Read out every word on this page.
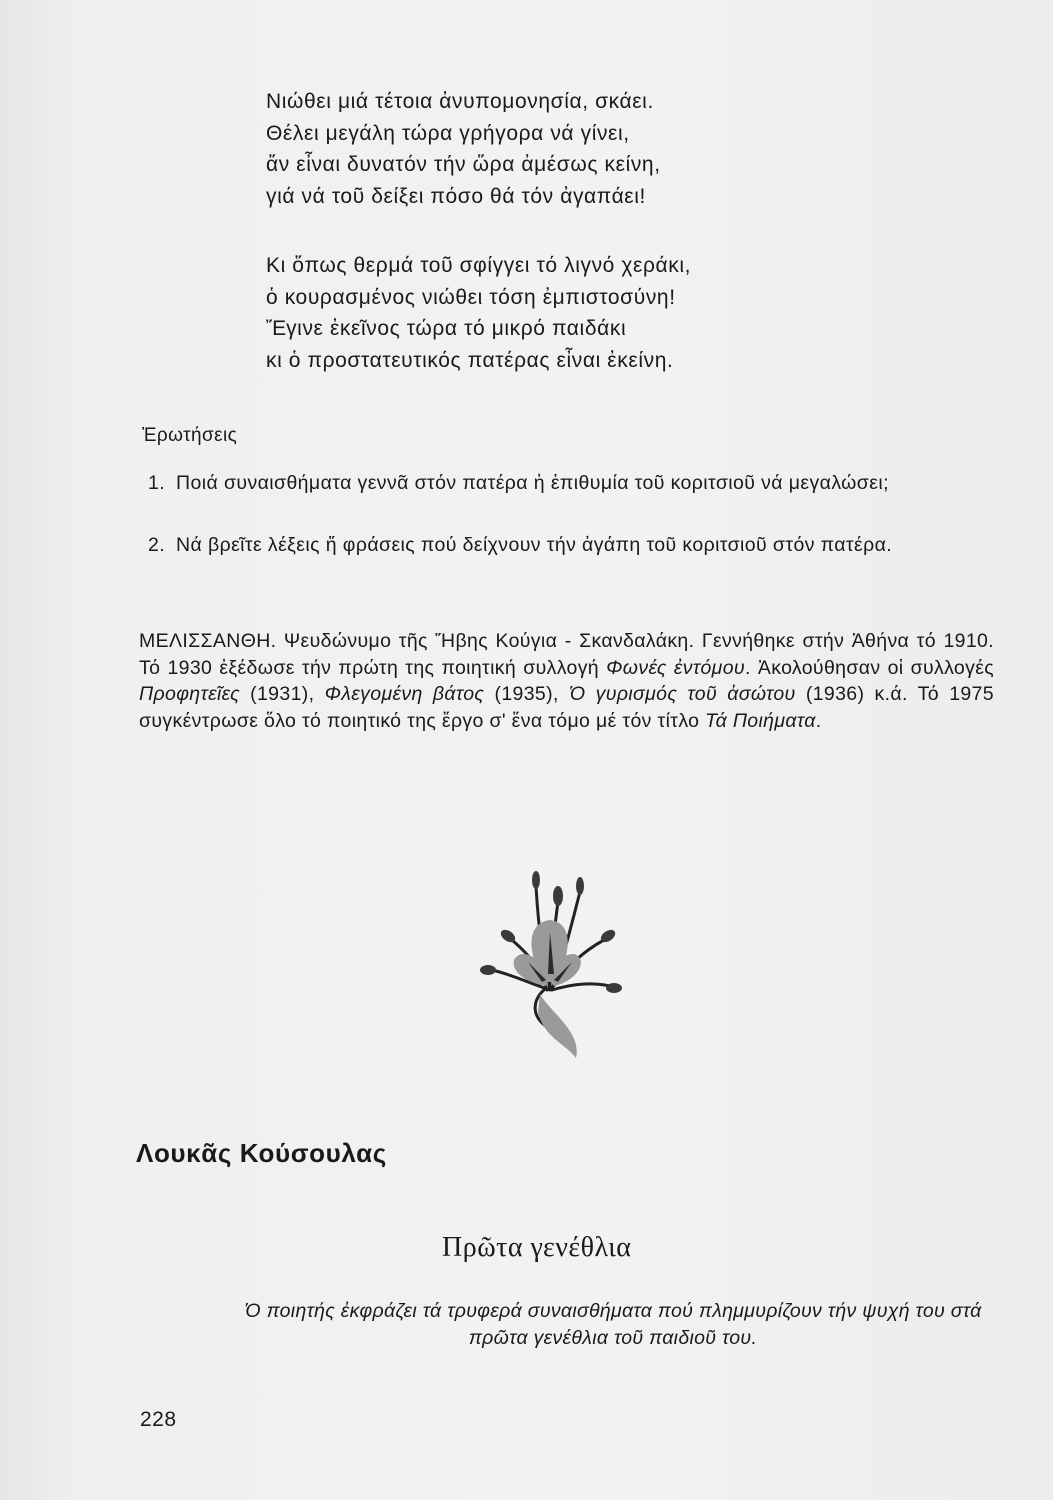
Νιώθει μιά τέτοια ἀνυπομονησία, σκάει.
Θέλει μεγάλη τώρα γρήγορα νά γίνει,
ἄν εἶναι δυνατόν τήν ὥρα ἀμέσως κείνη,
γιά νά τοῦ δείξει πόσο θά τόν ἀγαπάει!
Κι ὅπως θερμά τοῦ σφίγγει τό λιγνό χεράκι,
ὁ κουρασμένος νιώθει τόση ἐμπιστοσύνη!
Ἔγινε ἐκεῖνος τώρα τό μικρό παιδάκι
κι ὁ προστατευτικός πατέρας εἶναι ἐκείνη.
Ἐρωτήσεις
1. Ποιά συναισθήματα γεννᾶ στόν πατέρα ἡ ἐπιθυμία τοῦ κοριτσιοῦ νά μεγαλώσει;
2. Νά βρεῖτε λέξεις ἤ φράσεις πού δείχνουν τήν ἀγάπη τοῦ κοριτσιοῦ στόν πατέρα.
ΜΕΛΙΣΣΑΝΘΗ. Ψευδώνυμο τῆς Ἥβης Κούγια - Σκανδαλάκη. Γεννήθηκε στήν Ἀθήνα τό 1910. Τό 1930 ἐξέδωσε τήν πρώτη της ποιητική συλλογή Φωνές ἐντόμου. Ἀκολούθησαν οἱ συλλογές Προφητεῖες (1931), Φλεγομένη βάτος (1935), Ὁ γυρισμός τοῦ ἀσώτου (1936) κ.ά. Τό 1975 συγκέντρωσε ὅλο τό ποιητικό της ἔργο σ' ἕνα τόμο μέ τόν τίτλο Τά Ποιήματα.
Λουκᾶς Κούσουλας
Πρῶτα γενέθλια
Ὁ ποιητής ἐκφράζει τά τρυφερά συναισθήματα πού πλημμυρίζουν τήν ψυχή του στά πρῶτα γενέθλια τοῦ παιδιοῦ του.
228
